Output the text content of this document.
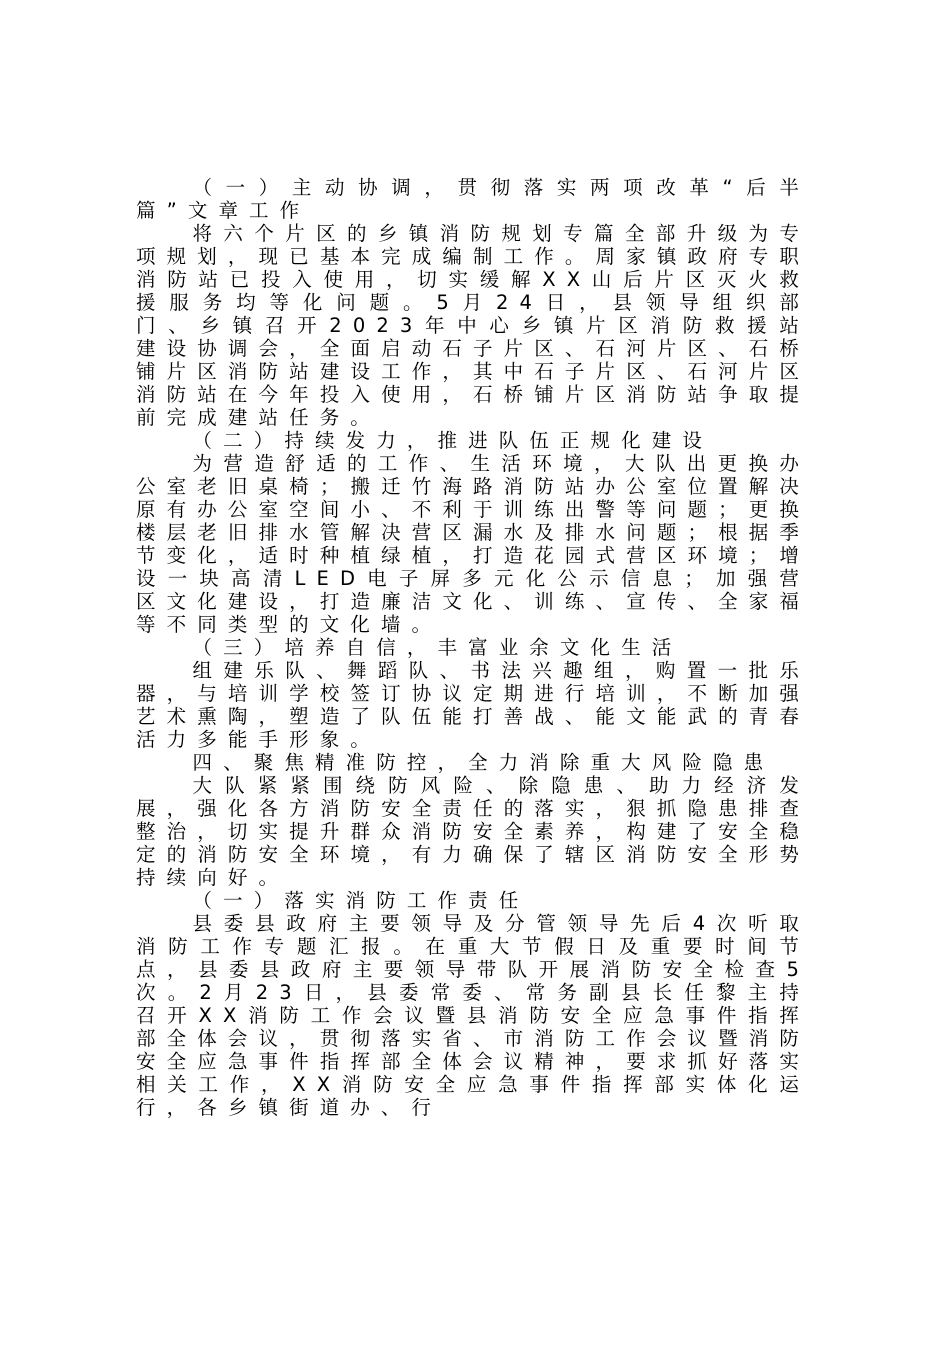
（一）主动协调，贯彻落实两项改革“后半篇”文章工作

将六个片区的乡镇消防规划专篇全部升级为专项规划，现已基本完成编制工作。周家镇政府专职消防站已投入使用，切实缓解XX山后片区灭火救援服务均等化问题。5月24日，县领导组织部门、乡镇召开2023年中心乡镇片区消防救援站建设协调会，全面启动石子片区、石河片区、石桥铺片区消防站建设工作，其中石子片区、石河片区消防站在今年投入使用，石桥铺片区消防站争取提前完成建站任务。

（二）持续发力，推进队伍正规化建设

为营造舒适的工作、生活环境，大队出更换办公室老旧桌椅；搬迁竹海路消防站办公室位置解决原有办公室空间小、不利于训练出警等问题；更换楼层老旧排水管解决营区漏水及排水问题；根据季节变化，适时种植绿植，打造花园式营区环境；增设一块高清LED电子屏多元化公示信息；加强营区文化建设，打造廉洁文化、训练、宣传、全家福等不同类型的文化墙。

（三）培养自信，丰富业余文化生活

组建乐队、舞蹈队、书法兴趣组，购置一批乐器，与培训学校签订协议定期进行培训，不断加强艺术熏陶，塑造了队伍能打善战、能文能武的青春活力多能手形象。

四、聚焦精准防控，全力消除重大风险隐患

大队紧紧围绕防风险、除隐患、助力经济发展，强化各方消防安全责任的落实，狠抓隐患排查整治，切实提升群众消防安全素养，构建了安全稳定的消防安全环境，有力确保了辖区消防安全形势持续向好。

（一）落实消防工作责任

县委县政府主要领导及分管领导先后4次听取消防工作专题汇报。在重大节假日及重要时间节点，县委县政府主要领导带队开展消防安全检查5次。2月23日，县委常委、常务副县长任黎主持召开XX消防工作会议暨县消防安全应急事件指挥部全体会议，贯彻落实省、市消防工作会议暨消防安全应急事件指挥部全体会议精神，要求抓好落实相关工作，XX消防安全应急事件指挥部实体化运行，各乡镇街道办、行
